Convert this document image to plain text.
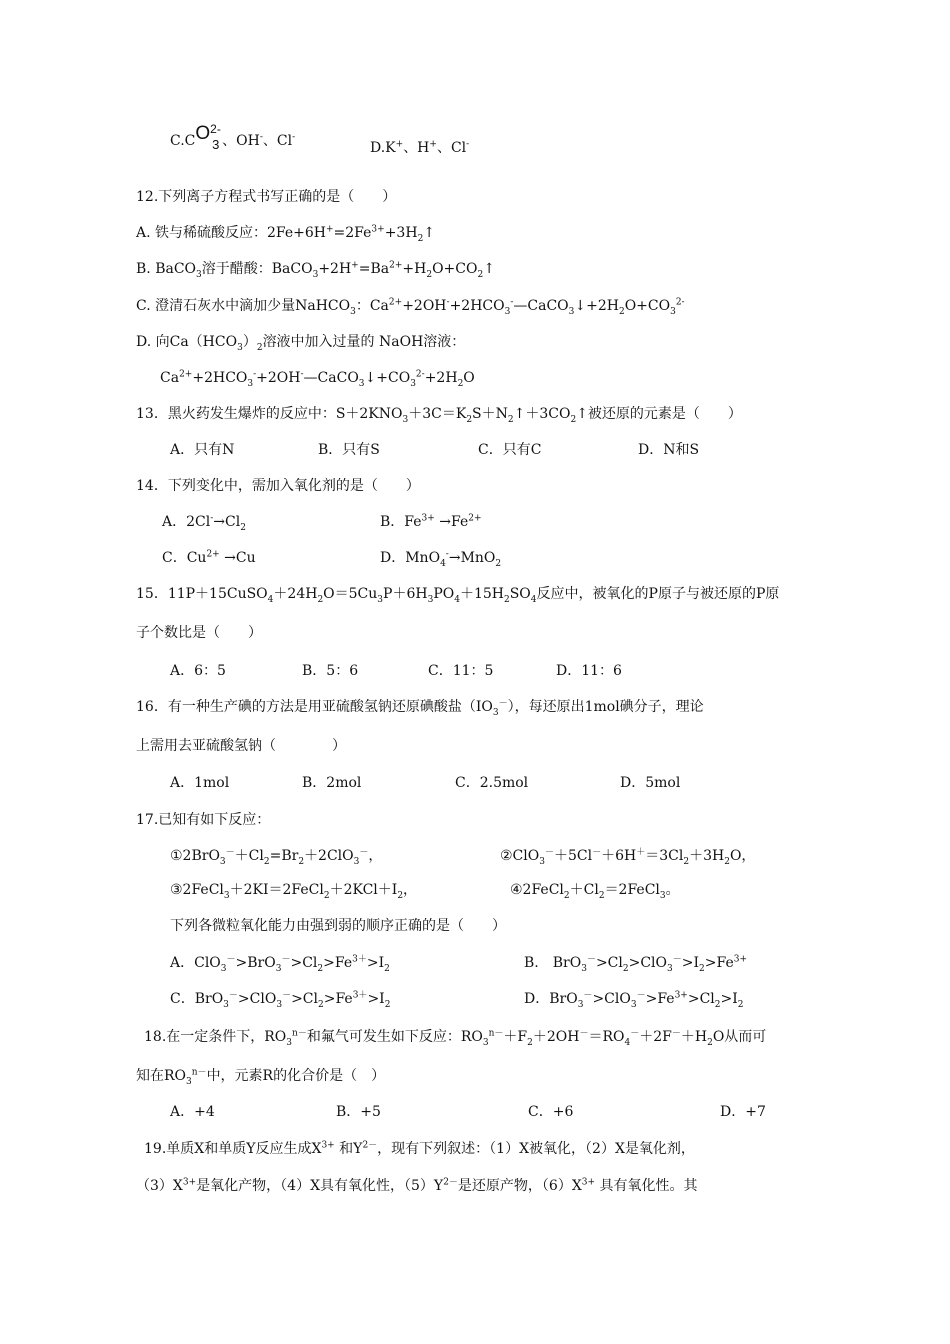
C.CO 2-
3 、OH-、Cl-
D.K+、H+、Cl-
12.下列离子方程式书写正确的是（　　）
A. 铁与稀硫酸反应：$2Fe+6H^+=2Fe^{3+}+3H_2↑$
B. BaCO$_3$溶于醋酸：$BaCO_3+2H^+=Ba^{2+}+H_2O+CO_2↑$
C. 澄清石灰水中滴加少量NaHCO$_3$：$Ca^{2+}+2OH^-+2HCO_3^-—CaCO_3↓+2H_2O+CO_3^{2-}$
D. 向$Ca(HCO_3)_2$溶液中加入过量的 NaOH溶液：
$Ca^{2+}+2HCO_3^-+2OH^-—CaCO_3↓+CO_3^{2-}+2H_2O$
13．黑火药发生爆炸的反应中：$S+2KNO_3+3C=K_2S+N_2↑+3CO_2↑$被还原的元素是（　　）
A．只有N	B．只有S	C．只有C	D．N和S
14．下列变化中，需加入氧化剂的是（　　）
A．$2Cl^-\to Cl_2$	B．$Fe^{3+} \to Fe^{2+}$
C．$Cu^{2+} \to Cu$	D．MnO$_4$-→MnO$_2$
15．$11P+15CuSO_4+24H_2O=5Cu_3P+6H_3PO_4+15H_2SO_4$反应中，被氧化的P原子与被还原的P原
子个数比是（　　）
A．6：5	B．5：6	C．11：5	D．11：6
16．有一种生产碘的方法是用亚硫酸氢钠还原碘酸盐$(IO_3^-)$，每还原出1mol碘分子，理论
上需用去亚硫酸氢钠（　　　　）
A．1mol	B．2mol	C．2.5mol	D．5mol
17.已知有如下反应：
$①2BrO_3^-+Cl_2=Br_2+2ClO_3^-$，	$②ClO_3^-+5Cl^-+6H^+=3Cl_2+3H_2O$，
$③2FeCl_3+2KI=2FeCl_2+2KCl+I_2$，	$④2FeCl_2+Cl_2=2FeCl_3$。
下列各微粒氧化能力由强到弱的顺序正确的是（　　）
A．$ClO_3^->BrO_3^->Cl_2>Fe^{3+}>I_2$	B.　$BrO_3^->Cl_2>ClO_3^->I_2>Fe^{3+}$
C．$BrO_3^->ClO_3^->Cl_2>Fe^{3+}>I_2$	D．$BrO_3^->ClO_3^->Fe^{3+}>Cl_2>I_2$
18.在一定条件下，$RO_3^{n-}$和氟气可发生如下反应：$RO_3^{n-}+F_2+2OH^-=RO_4^-+2F^-+H_2O$从而可
知在$RO_3^{n-}$中，元素R的化合价是（　）
A．+4	B．+5	C．+6	D．+7
19.单质X和单质Y反应生成$X^{3+}$ 和$Y^{2-}$，现有下列叙述：（1）X被氧化，（2）X是氧化剂，
$(3)X^{3+}$是氧化产物，（4）X具有氧化性，$(5)Y^{2-}$是还原产物，$(6)X^{3+}$ 具有氧化性。其
